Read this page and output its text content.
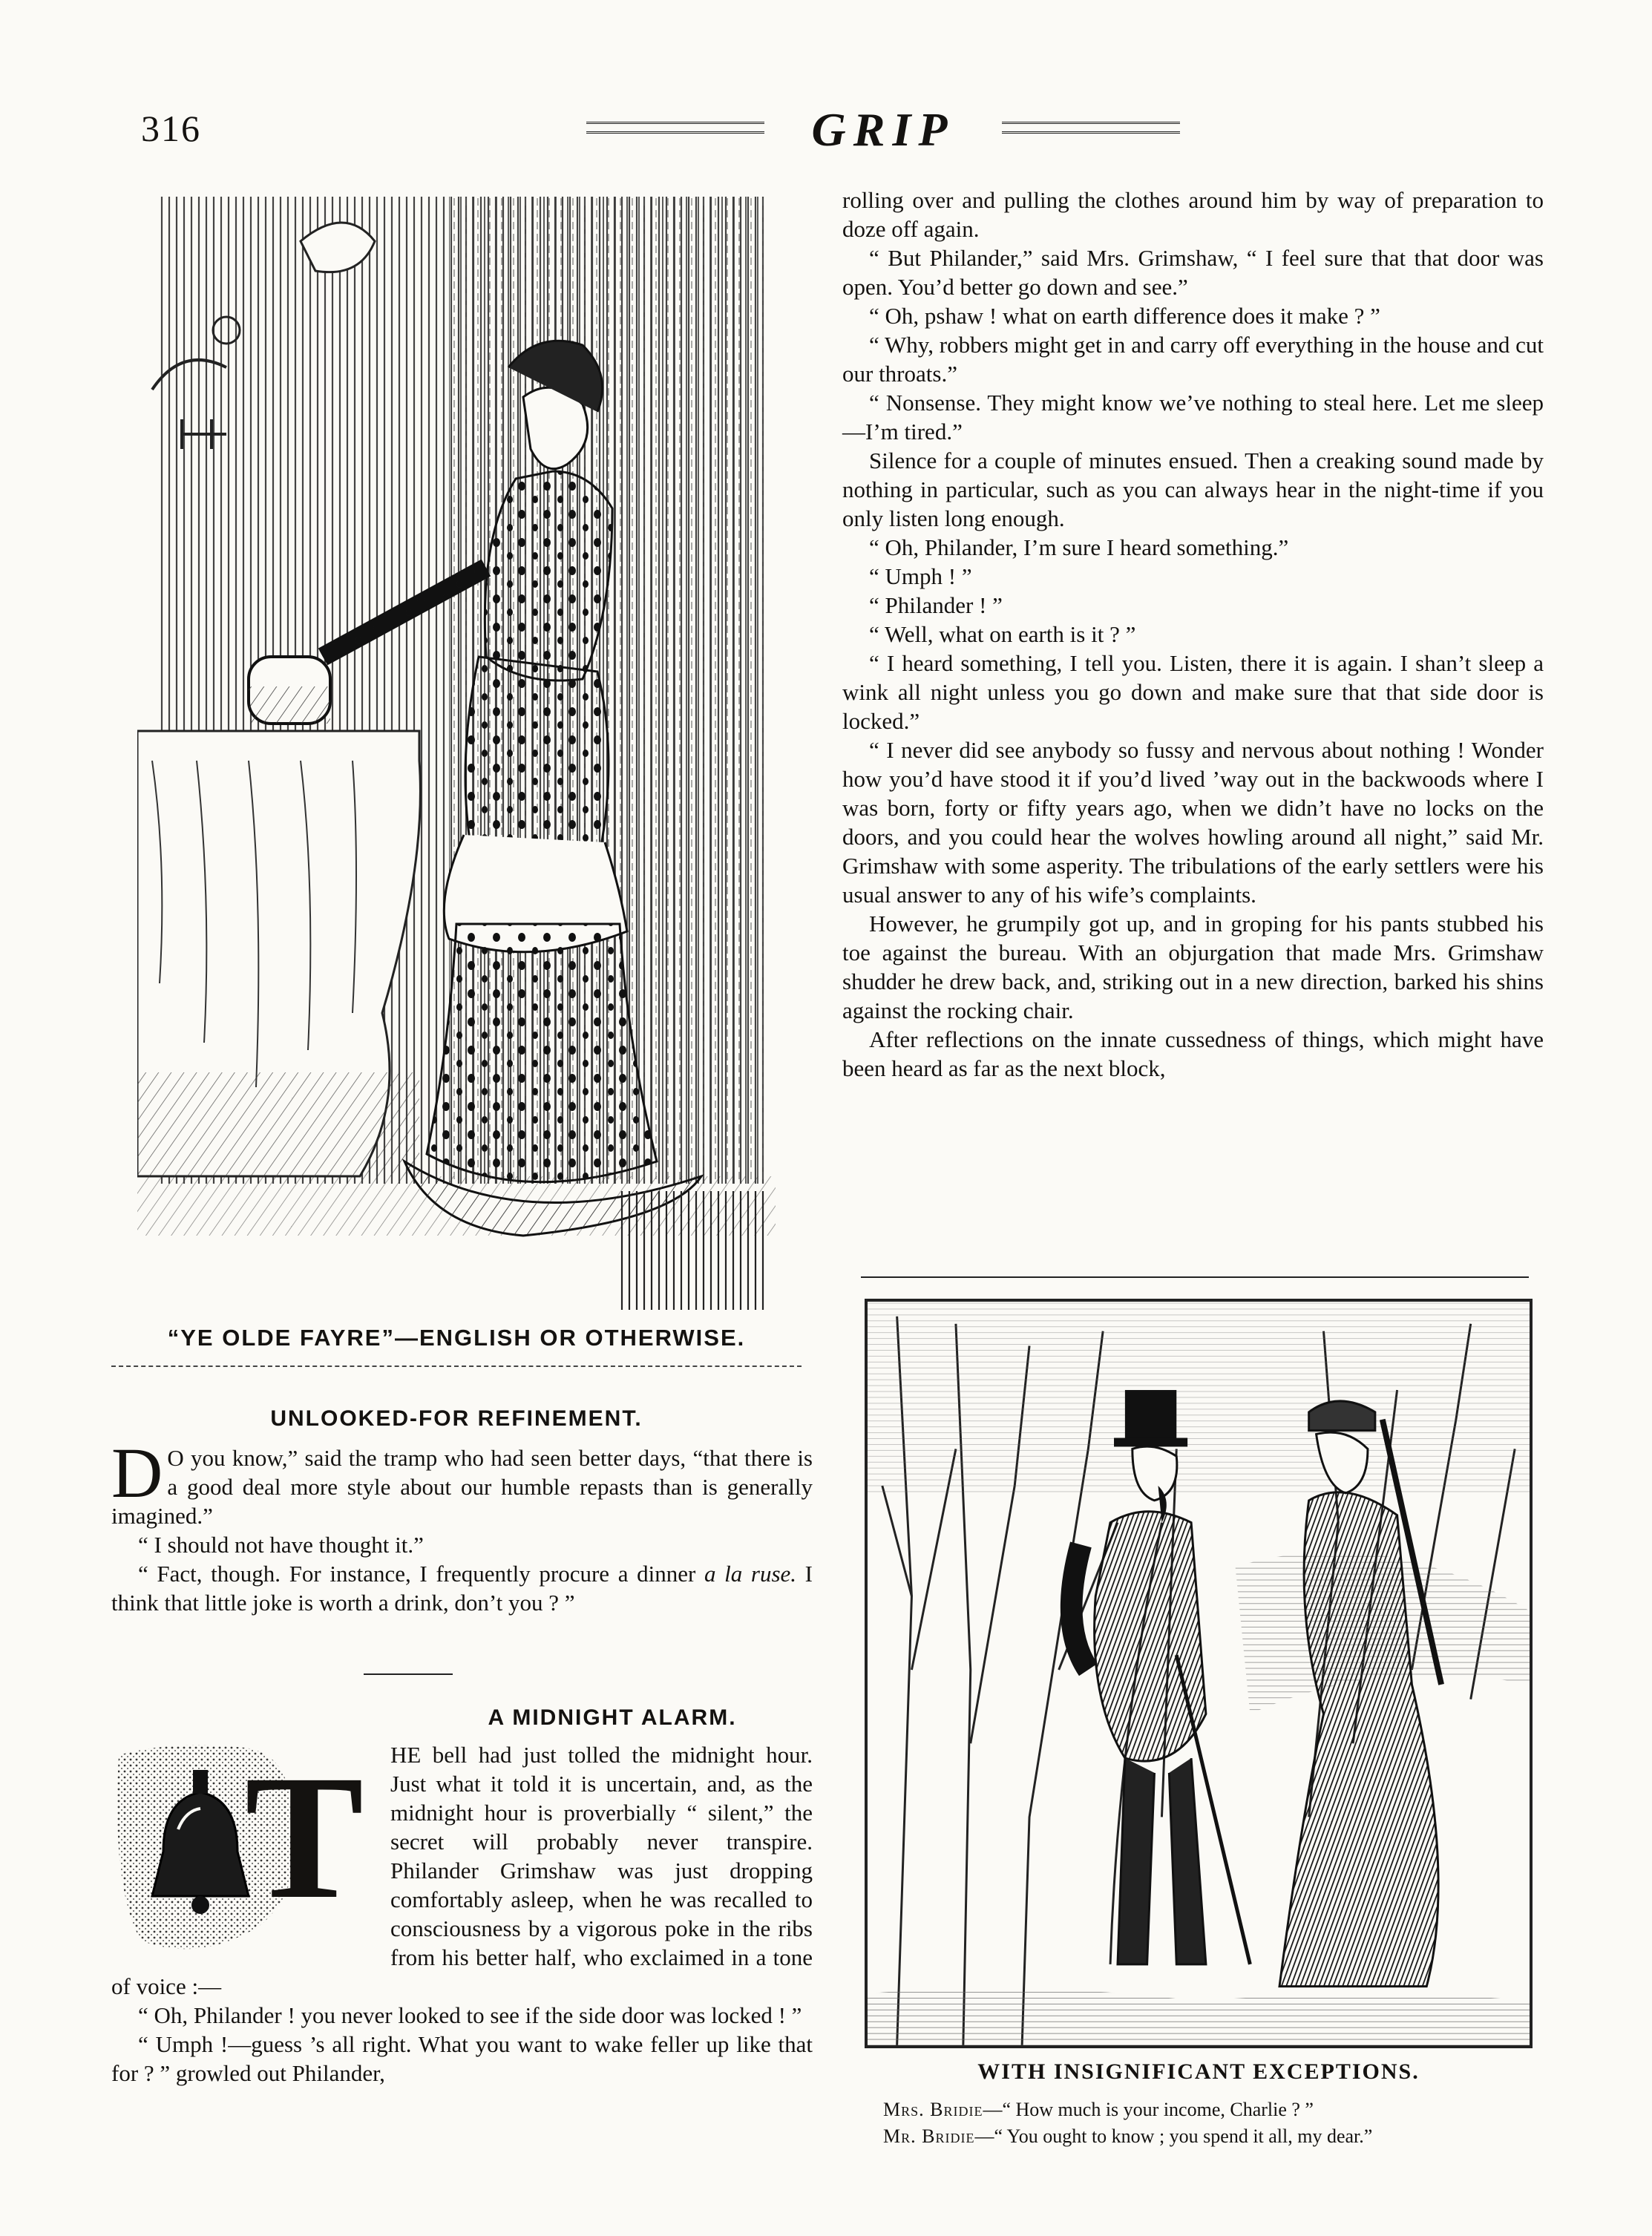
316	GRIP
“YE OLDE FAYRE”—ENGLISH OR OTHERWISE.
UNLOOKED-FOR REFINEMENT.

D O you know,” said the tramp who had seen better days, “that there is a good deal more style about our humble repasts than is generally imagined.”

“ I should not have thought it.”

“ Fact, though. For instance, I frequently procure a dinner a la ruse. I think that little joke is worth a drink, don’t you ? ”

A MIDNIGHT ALARM.

T HE bell had just tolled the midnight hour. Just what it told it is uncertain, and, as the midnight hour is proverbially “ silent,” the secret will probably never transpire. Philander Grimshaw was just dropping comfortably asleep, when he was recalled to consciousness by a vigorous poke in the ribs from his better half, who exclaimed in a tone of voice :—

“ Oh, Philander ! you never looked to see if the side door was locked ! ”

“ Umph !—guess ’s all right. What you want to wake feller up like that for ? ” growled out Philander,

rolling over and pulling the clothes around him by way of preparation to doze off again.

“ But Philander,” said Mrs. Grimshaw, “ I feel sure that that door was open. You’d better go down and see.”

“ Oh, pshaw ! what on earth difference does it make ? ”

“ Why, robbers might get in and carry off everything in the house and cut our throats.”

“ Nonsense. They might know we’ve nothing to steal here. Let me sleep —I’m tired.”

Silence for a couple of minutes ensued. Then a creaking sound made by nothing in particular, such as you can always hear in the night-time if you only listen long enough.

“ Oh, Philander, I’m sure I heard something.”

“ Umph ! ”

“ Philander ! ”

“ Well, what on earth is it ? ”

“ I heard something, I tell you. Listen, there it is again. I shan’t sleep a wink all night unless you go down and make sure that that side door is locked.”

“ I never did see anybody so fussy and nervous about nothing ! Wonder how you’d have stood it if you’d lived ’way out in the backwoods where I was born, forty or fifty years ago, when we didn’t have no locks on the doors, and you could hear the wolves howling around all night,” said Mr. Grimshaw with some asperity. The tribulations of the early settlers were his usual answer to any of his wife’s complaints.

However, he grumpily got up, and in groping for his pants stubbed his toe against the bureau. With an objurgation that made Mrs. Grimshaw shudder he drew back, and, striking out in a new direction, barked his shins against the rocking chair.

After reflections on the innate cussedness of things, which might have been heard as far as the next block,

WITH INSIGNIFICANT EXCEPTIONS.
Mrs. Bridie—“ How much is your income, Charlie ? ”
Mr. Bridie—“ You ought to know ; you spend it all, my dear.”
